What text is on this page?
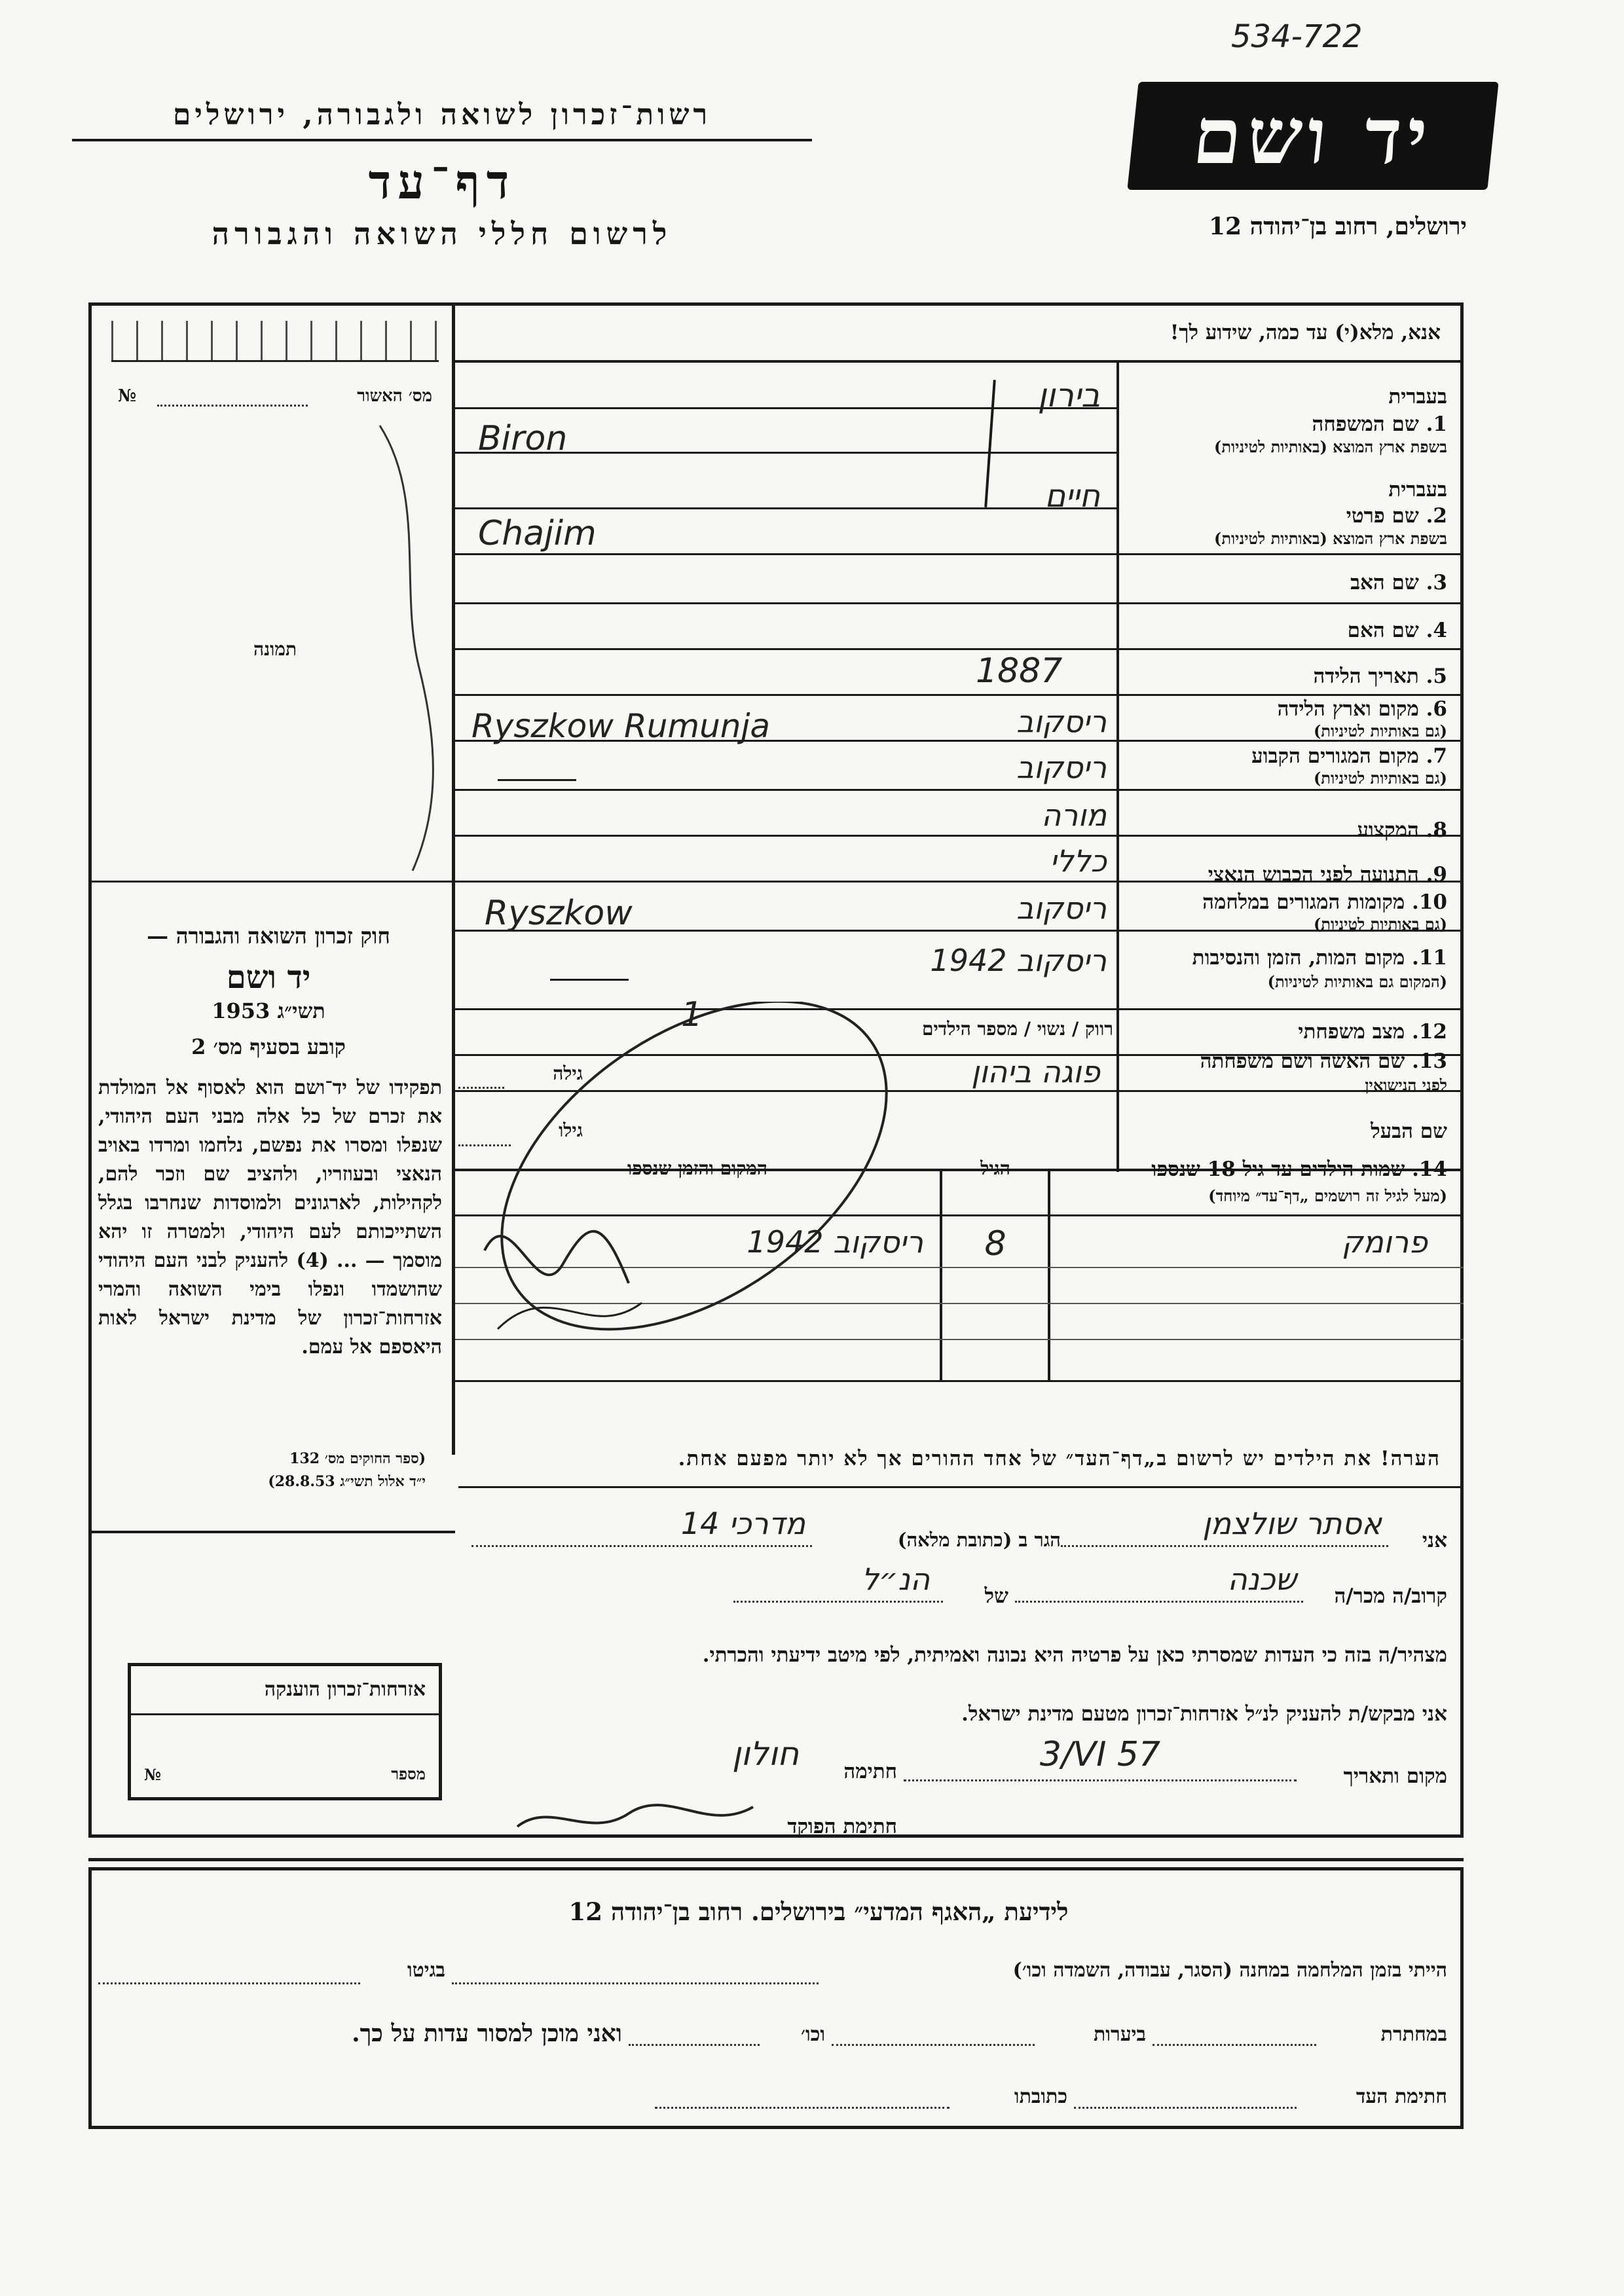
534-722
רשות־זכרון לשואה ולגבורה, ירושלים
דף־עד
לרשום חללי השואה והגבורה
יד ושם
ירושלים, רחוב בן־יהודה 12
מס׳ האשור
№
תמונה
חוק זכרון השואה והגבורה —
יד ושם
1953 תשי״ג
קובע בסעיף מס׳ 2
תפקידו של יד־ושם הוא לאסוף אל המולדת את זכרם של כל אלה מבני העם היהודי, שנפלו ומסרו את נפשם, נלחמו ומרדו באויב הנאצי ובעוזריו, ולהציב שם וזכר להם, לקהילות, לארגונים ולמוסדות שנחרבו בגלל השתייכותם לעם היהודי, ולמטרה זו יהא מוסמך — ... (4) להעניק לבני העם היהודי שהושמדו ונפלו בימי השואה והמרי אזרחות־זכרון של מדינת ישראל לאות היאספם אל עמם.
(ספר החוקים מס׳ 132
י״ד אלול תשי״ג 28.8.53)
אזרחות־זכרון הוענקה
מספר
№
אנא, מלא(י) עד כמה, שידוע לך!
בעברית
1. שם המשפחה
בשפת ארץ המוצא (באותיות לטיניות)
בירון
Biron
בעברית
2. שם פרטי
בשפת ארץ המוצא (באותיות לטיניות)
חיים
Chajim
3. שם האב
4. שם האם
5. תאריך הלידה
1887
6. מקום וארץ הלידה
(גם באותיות לטיניות)
ריסקוב
Ryszkow Rumunja
7. מקום המגורים הקבוע
(גם באותיות לטיניות)
ריסקוב
8. המקצוע
מורה
9. התנועה לפני הכבוש הנאצי
כללי
10. מקומות המגורים במלחמה
(גם באותיות לטיניות)
ריסקוב
Ryszkow
11. מקום המות, הזמן והנסיבות
(המקום גם באותיות לטיניות)
ריסקוב 1942
12. מצב משפחתי
רווק / נשוי / מספר הילדים
1
13. שם האשה ושם משפחתה
לפני הנישואין
גילה	פוגה ביהון
שם הבעל
גילו
14. שמות הילדים עד גיל 18 שנספו
(מעל לגיל זה רושמים „דף־עד״ מיוחד)
הגיל
המקום והזמן שנספו
פרומק
8
ריסקוב 1942
הערה! את הילדים יש לרשום ב„דף־העד״ של אחד ההורים אך לא יותר מפעם אחת.
אני
אסתר שולצמן
הגר ב (כתובת מלאה)
מדרכי 14
קרוב/ה מכר/ה
שכנה
של
הנ״ל
מצהיר/ה בזה כי העדות שמסרתי כאן על פרטיה היא נכונה ואמיתית, לפי מיטב ידיעתי והכרתי.
אני מבקש/ת להעניק לנ״ל אזרחות־זכרון מטעם מדינת ישראל.
מקום ותאריך
3/VI 57
חתימה
חולון
חתימת הפוקד
לידיעת „האגף המדעי״ בירושלים. רחוב בן־יהודה 12
הייתי בזמן המלחמה במחנה (הסגר, עבודה, השמדה וכו׳)
בגיטו
במחתרת
ביערות
וכו׳
ואני מוכן למסור עדות על כך.
חתימת העד
כתובתו
